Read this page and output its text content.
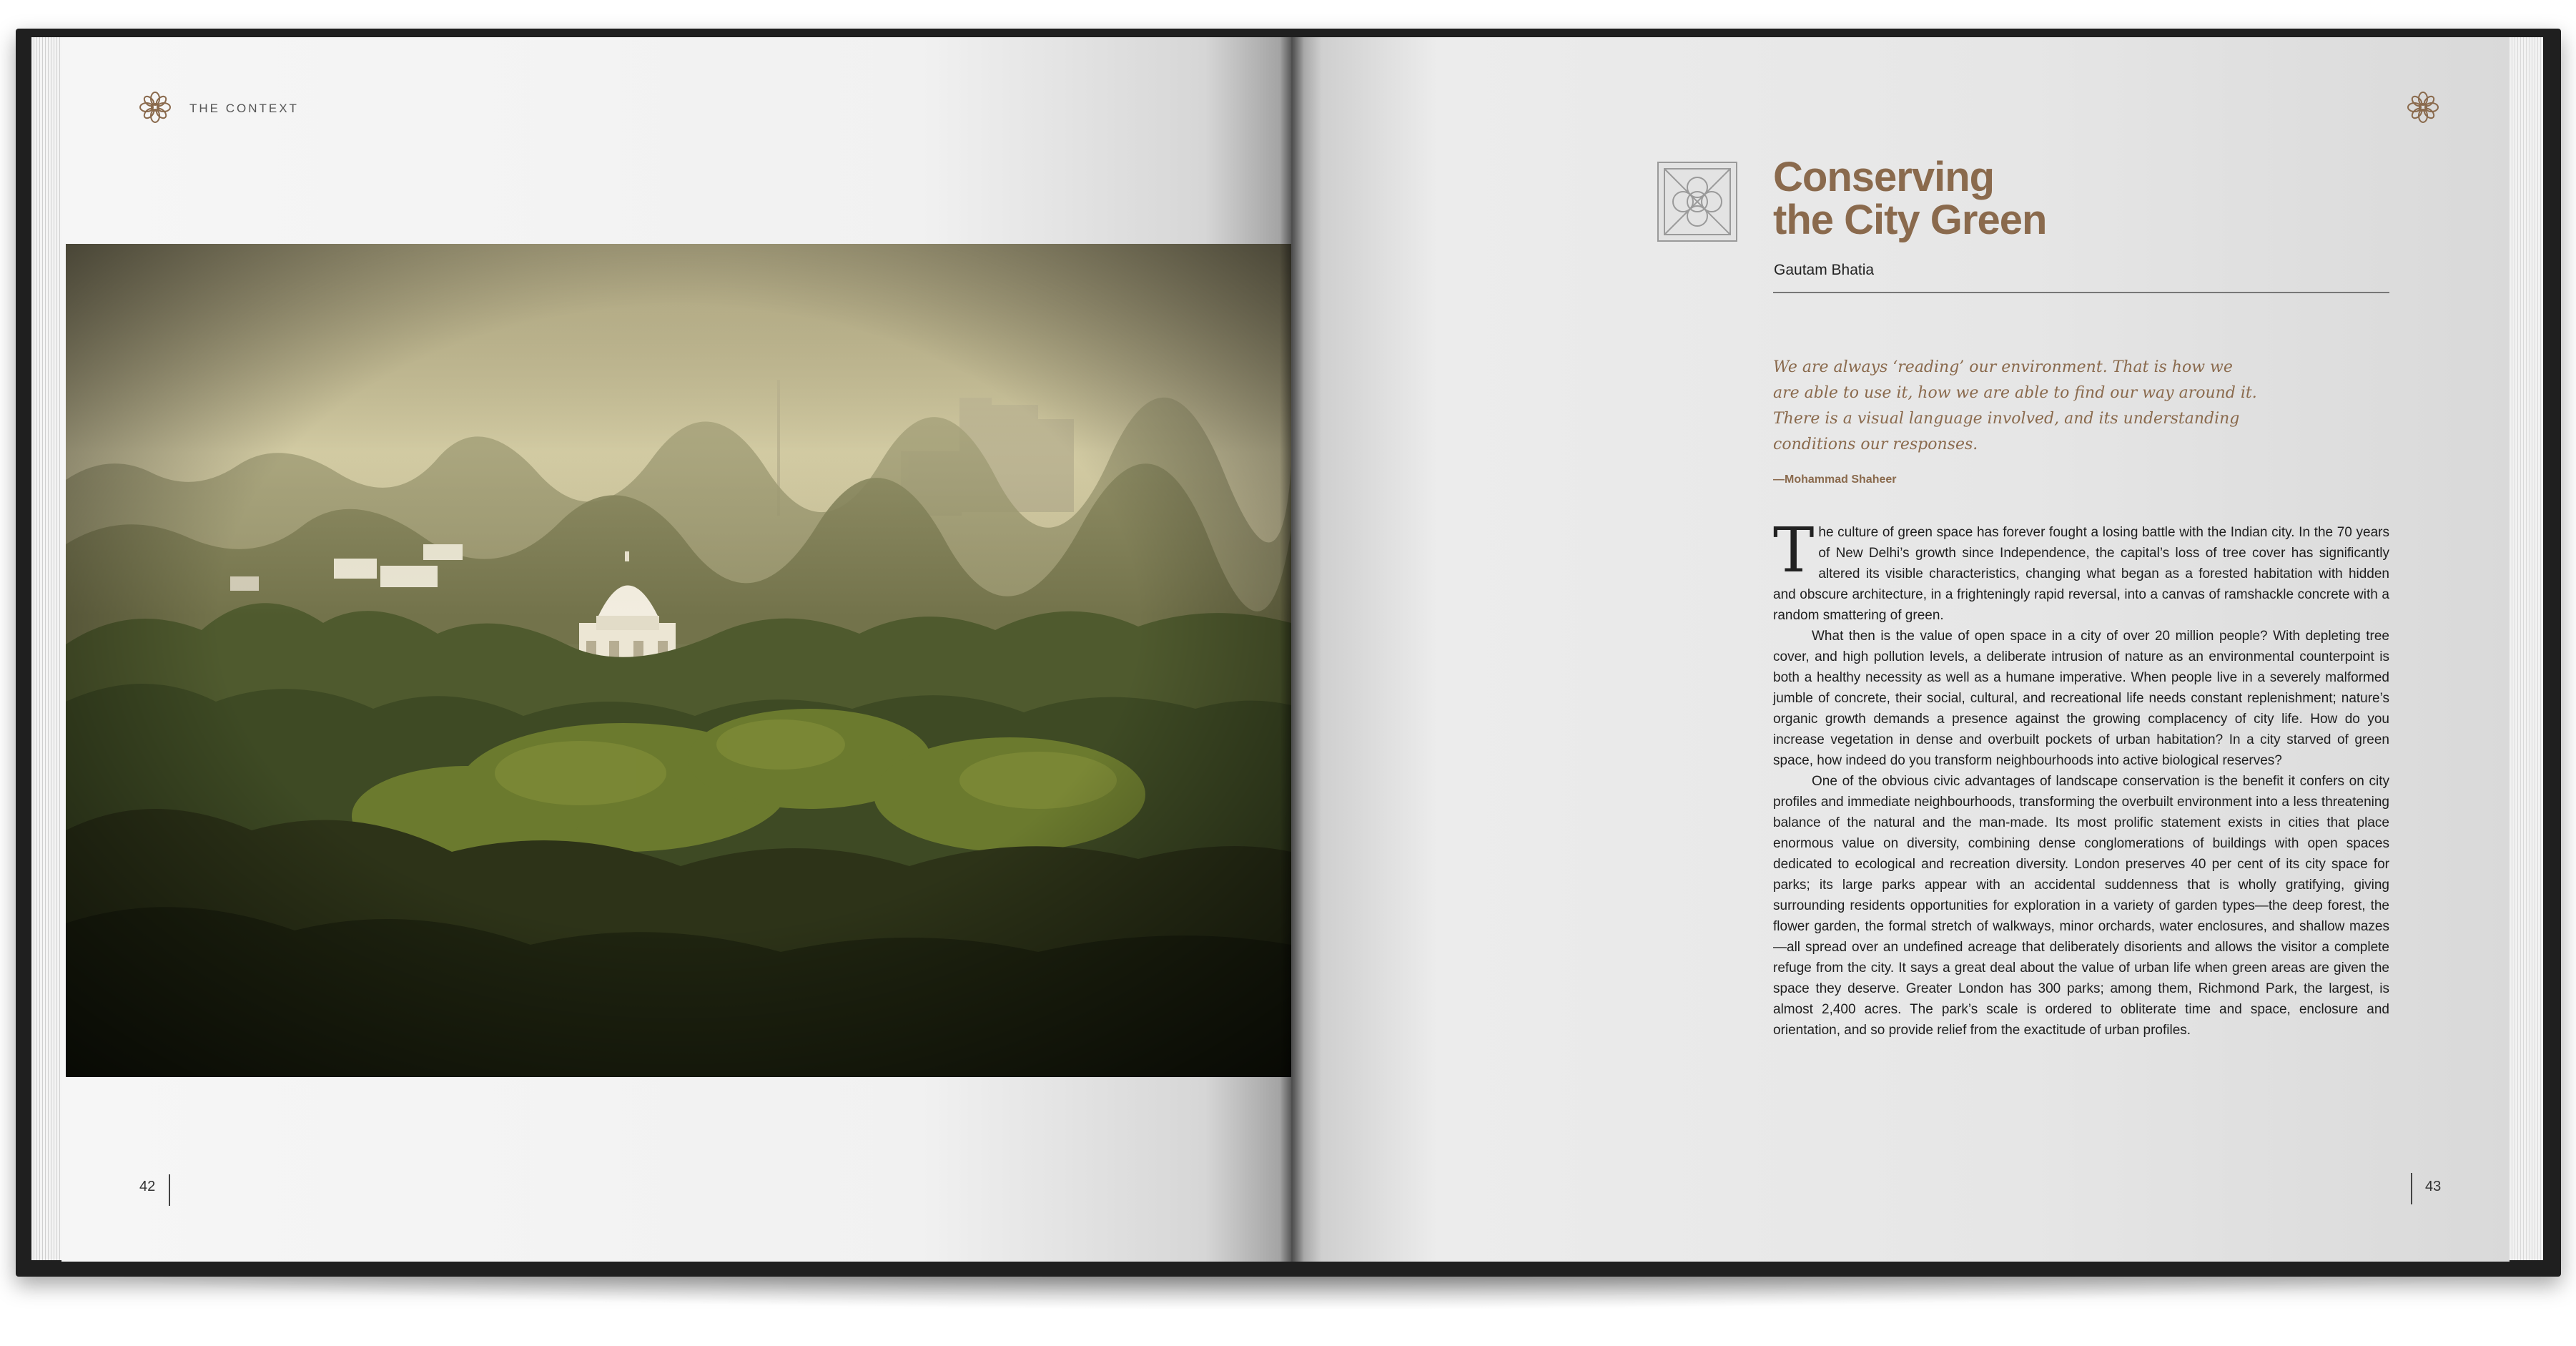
THE CONTEXT
42
Conserving
the City Green
Gautam Bhatia
We are always ‘reading’ our environment. That is how we are able to use it, how we are able to find our way around it. There is a visual language involved, and its understanding conditions our responses.
—Mohammad Shaheer

The culture of green space has forever fought a losing battle with the Indian city. In the 70 years of New Delhi’s growth since Independence, the capital’s loss of tree cover has significantly altered its visible characteristics, changing what began as a forested habitation with hidden and obscure architecture, in a frighteningly rapid reversal, into a canvas of ramshackle concrete with a random smattering of green.

What then is the value of open space in a city of over 20 million people? With depleting tree cover, and high pollution levels, a deliberate intrusion of nature as an environmental counterpoint is both a healthy necessity as well as a humane imperative. When people live in a severely malformed jumble of concrete, their social, cultural, and recreational life needs constant replenishment; nature’s organic growth demands a presence against the growing complacency of city life. How do you increase vegetation in dense and overbuilt pockets of urban habitation? In a city starved of green space, how indeed do you transform neighbourhoods into active biological reserves?

One of the obvious civic advantages of landscape conservation is the benefit it confers on city profiles and immediate neighbourhoods, transforming the overbuilt environment into a less threatening balance of the natural and the man-made. Its most prolific statement exists in cities that place enormous value on diversity, combining dense conglomerations of buildings with open spaces dedicated to ecological and recreation diversity. London preserves 40 per cent of its city space for parks; its large parks appear with an accidental suddenness that is wholly gratifying, giving surrounding residents opportunities for exploration in a variety of garden types—the deep forest, the flower garden, the formal stretch of walkways, minor orchards, water enclosures, and shallow mazes—all spread over an undefined acreage that deliberately disorients and allows the visitor a complete refuge from the city. It says a great deal about the value of urban life when green areas are given the space they deserve. Greater London has 300 parks; among them, Richmond Park, the largest, is almost 2,400 acres. The park’s scale is ordered to obliterate time and space, enclosure and orientation, and so provide relief from the exactitude of urban profiles.

43
